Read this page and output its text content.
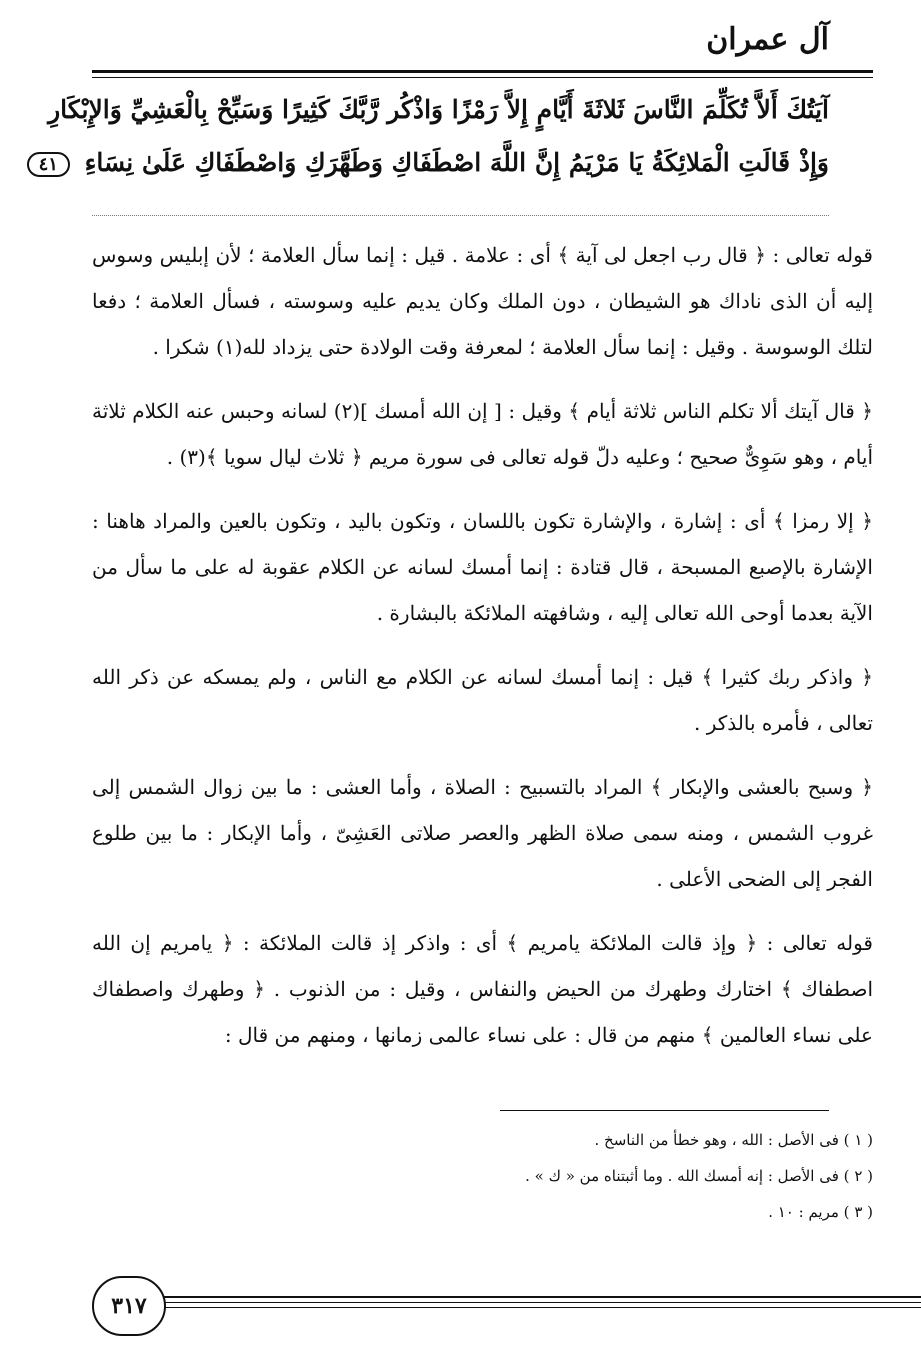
آل عمران
آيَتُكَ أَلاَّ تُكَلِّمَ النَّاسَ ثَلاثَةَ أَيَّامٍ إِلاَّ رَمْزًا وَاذْكُر رَّبَّكَ كَثِيرًا وَسَبِّحْ بِالْعَشِيِّ وَالإِبْكَارِ
وَإِذْ قَالَتِ الْمَلائِكَةُ يَا مَرْيَمُ إِنَّ اللَّهَ اصْطَفَاكِ وَطَهَّرَكِ وَاصْطَفَاكِ عَلَىٰ نِسَاءِ ٤١

قوله تعالى : ﴿ قال رب اجعل لى آية ﴾ أى : علامة . قيل : إنما سأل العلامة ؛ لأن إبليس وسوس إليه أن الذى ناداك هو الشيطان ، دون الملك وكان يديم عليه وسوسته ، فسأل العلامة ؛ دفعا لتلك الوسوسة . وقيل : إنما سأل العلامة ؛ لمعرفة وقت الولادة حتى يزداد لله(١) شكرا .

﴿ قال آيتك ألا تكلم الناس ثلاثة أيام ﴾ وقيل : [ إن الله أمسك ](٢) لسانه وحبس عنه الكلام ثلاثة أيام ، وهو سَوِىٌّ صحيح ؛ وعليه دلّ قوله تعالى فى سورة مريم ﴿ ثلاث ليال سويا ﴾(٣) .

﴿ إلا رمزا ﴾ أى : إشارة ، والإشارة تكون باللسان ، وتكون باليد ، وتكون بالعين والمراد هاهنا : الإشارة بالإصبع المسبحة ، قال قتادة : إنما أمسك لسانه عن الكلام عقوبة له على ما سأل من الآية بعدما أوحى الله تعالى إليه ، وشافهته الملائكة بالبشارة .

﴿ واذكر ربك كثيرا ﴾ قيل : إنما أمسك لسانه عن الكلام مع الناس ، ولم يمسكه عن ذكر الله تعالى ، فأمره بالذكر .

﴿ وسبح بالعشى والإبكار ﴾ المراد بالتسبيح : الصلاة ، وأما العشى : ما بين زوال الشمس إلى غروب الشمس ، ومنه سمى صلاة الظهر والعصر صلاتى العَشِىّ ، وأما الإبكار : ما بين طلوع الفجر إلى الضحى الأعلى .

قوله تعالى : ﴿ وإذ قالت الملائكة يامريم ﴾ أى : واذكر إذ قالت الملائكة : ﴿ يامريم إن الله اصطفاك ﴾ اختارك وطهرك من الحيض والنفاس ، وقيل : من الذنوب . ﴿ وطهرك واصطفاك على نساء العالمين ﴾ منهم من قال : على نساء عالمى زمانها ، ومنهم من قال :

( ١ ) فى الأصل : الله ، وهو خطأ من الناسخ .
( ٢ ) فى الأصل : إنه أمسك الله . وما أثبتناه من « ك » .
( ٣ ) مريم : ١٠ .
٣١٧
